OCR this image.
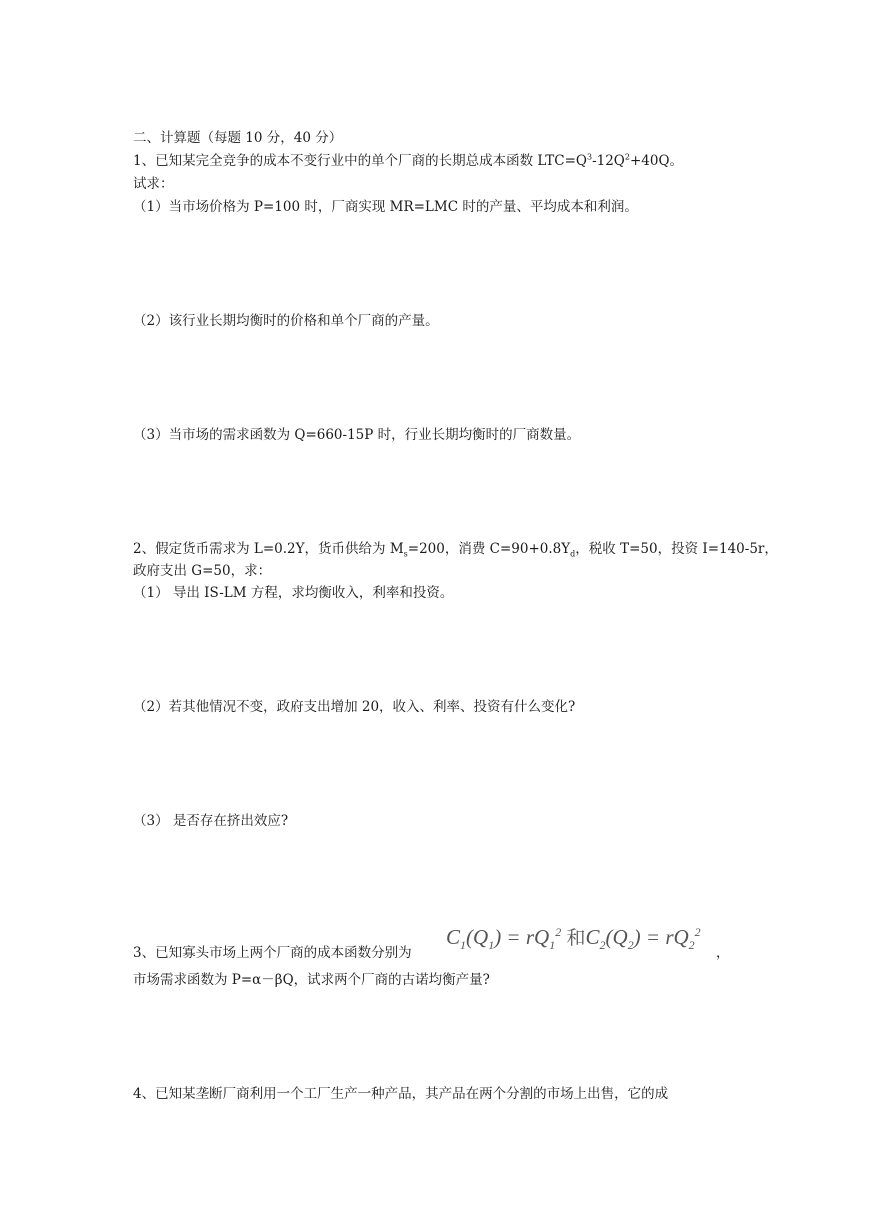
二、计算题（每题 10 分，40 分）
1、已知某完全竞争的成本不变行业中的单个厂商的长期总成本函数 $LTC=Q^3-12Q^2+40Q$。
试求：
（1）当市场价格为 P=100 时，厂商实现 MR=LMC 时的产量、平均成本和利润。
（2）该行业长期均衡时的价格和单个厂商的产量。
（3）当市场的需求函数为 Q=660-15P 时，行业长期均衡时的厂商数量。
2、假定货币需求为 L=0.2Y，货币供给为 $M_s=200$，消费 $C=90+0.8Y_d$，税收 T=50，投资 I=140-5r，
政府支出 G=50，求：
（1） 导出 IS-LM 方程，求均衡收入，利率和投资。
（2）若其他情况不变，政府支出增加 20，收入、利率、投资有什么变化?
（3） 是否存在挤出效应?
3、已知寡头市场上两个厂商的成本函数分别为
$C_1(Q_1) = rQ_1^2$ 和$C_2(Q_2) = rQ_2^2$
，
市场需求函数为 P=α－βQ，试求两个厂商的古诺均衡产量?
4、已知某垄断厂商利用一个工厂生产一种产品，其产品在两个分割的市场上出售，它的成
